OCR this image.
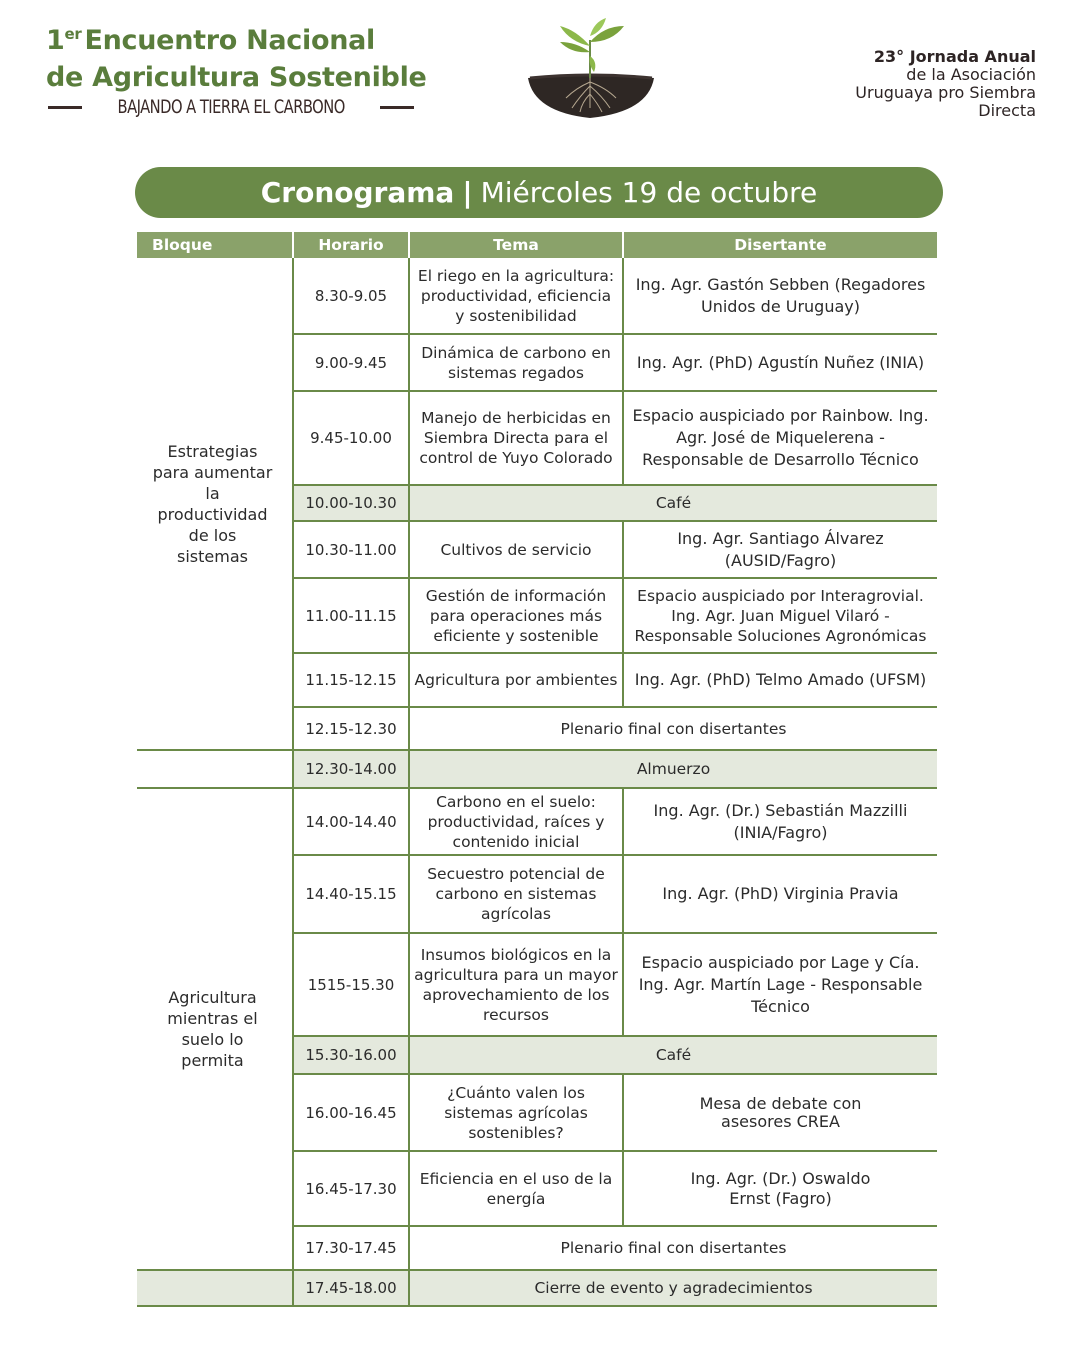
1er Encuentro Nacional
de Agricultura Sostenible
BAJANDO A TIERRA EL CARBONO
23° Jornada Anual
de la Asociación
Uruguaya pro Siembra
Directa
Cronograma | Miércoles 19 de octubre
Bloque	Horario	Tema	Disertante
Estrategias para aumentar la productividad de los sistemas	8.30-9.05	El riego en la agricultura: productividad, eficiencia y sostenibilidad	Ing. Agr. Gastón Sebben (Regadores Unidos de Uruguay)
	9.00-9.45	Dinámica de carbono en sistemas regados	Ing. Agr. (PhD) Agustín Nuñez (INIA)
	9.45-10.00	Manejo de herbicidas en Siembra Directa para el control de Yuyo Colorado	Espacio auspiciado por Rainbow. Ing. Agr. José de Miquelerena - Responsable de Desarrollo Técnico
	10.00-10.30	Café	
	10.30-11.00	Cultivos de servicio	Ing. Agr. Santiago Álvarez (AUSID/Fagro)
	11.00-11.15	Gestión de información para operaciones más eficiente y sostenible	Espacio auspiciado por Interagrovial. Ing. Agr. Juan Miguel Vilaró - Responsable Soluciones Agronómicas
	11.15-12.15	Agricultura por ambientes	Ing. Agr. (PhD) Telmo Amado (UFSM)
	12.15-12.30	Plenario final con disertantes	
	12.30-14.00	Almuerzo	
Agricultura mientras el suelo lo permita	14.00-14.40	Carbono en el suelo: productividad, raíces y contenido inicial	Ing. Agr. (Dr.) Sebastián Mazzilli (INIA/Fagro)
	14.40-15.15	Secuestro potencial de carbono en sistemas agrícolas	Ing. Agr. (PhD) Virginia Pravia
	1515-15.30	Insumos biológicos en la agricultura para un mayor aprovechamiento de los recursos	Espacio auspiciado por Lage y Cía. Ing. Agr. Martín Lage - Responsable Técnico
	15.30-16.00	Café	
	16.00-16.45	¿Cuánto valen los sistemas agrícolas sostenibles?	Mesa de debate con asesores CREA
	16.45-17.30	Eficiencia en el uso de la energía	Ing. Agr. (Dr.) Oswaldo Ernst (Fagro)
	17.30-17.45	Plenario final con disertantes	
	17.45-18.00	Cierre de evento y agradecimientos	
